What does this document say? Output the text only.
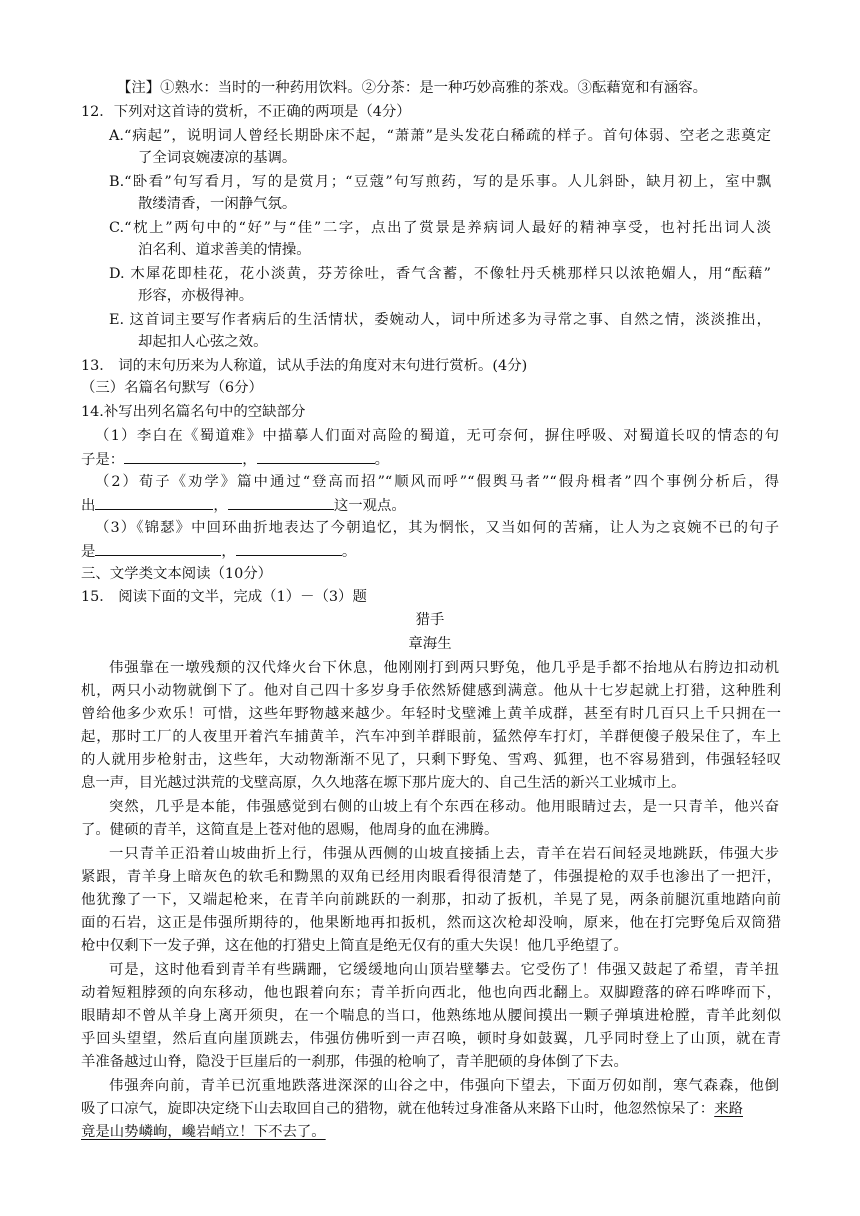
【注】①熟水：当时的一种药用饮料。②分茶：是一种巧妙高雅的茶戏。③酝藉宽和有涵容。
12．下列对这首诗的赏析，不正确的两项是（4分）
A.“病起”，说明词人曾经长期卧床不起，“萧萧”是头发花白稀疏的样子。首句体弱、空老之悲奠定
了全词哀婉凄凉的基调。
B.“卧看”句写看月，写的是赏月；“豆蔻”句写煎药，写的是乐事。人儿斜卧，缺月初上，室中飘
散缕清香，一闲静气氛。
C.“枕上”两句中的“好”与“佳”二字，点出了赏景是养病词人最好的精神享受，也衬托出词人淡
泊名利、道求善美的情操。
D. 木犀花即桂花，花小淡黄，芬芳徐吐，香气含蓄，不像牡丹夭桃那样只以浓艳媚人，用“酝藉”
形容，亦极得神。
E. 这首词主要写作者病后的生活情状，委婉动人，词中所述多为寻常之事、自然之情，淡淡推出，
却起扣人心弦之效。
13． 词的末句历来为人称道，试从手法的角度对末句进行赏析。(4分)
（三）名篇名句默写（6分）
14.补写出列名篇名句中的空缺部分
（1）李白在《蜀道难》中描摹人们面对高险的蜀道，无可奈何，摒住呼吸、对蜀道长叹的情态的句
子是：	，	。
（2）荀子《劝学》篇中通过“登高而招”“顺风而呼”“假舆马者”“假舟楫者”四个事例分析后，得
出	，	这一观点。
（3）《锦瑟》中回环曲折地表达了今朝追忆，其为惘怅，又当如何的苦痛，让人为之哀婉不已的句子
是	，	。
三、文学类文本阅读（10分）
15． 阅读下面的文半，完成（1）－（3）题
猎手
章海生
伟强靠在一墩残颓的汉代烽火台下休息，他刚刚打到两只野兔，他几乎是手都不抬地从右胯边扣动机
机，两只小动物就倒下了。他对自己四十多岁身手依然矫健感到满意。他从十七岁起就上打猎，这种胜利
曾给他多少欢乐！可惜，这些年野物越来越少。年轻时戈壁滩上黄羊成群，甚至有时几百只上千只拥在一
起，那时工厂的人夜里开着汽车捕黄羊，汽车冲到羊群眼前，猛然停车打灯，羊群便傻子般呆住了，车上
的人就用步枪射击，这些年，大动物渐渐不见了，只剩下野兔、雪鸡、狐狸，也不容易猎到，伟强轻轻叹
息一声，目光越过洪荒的戈壁高原，久久地落在塬下那片庞大的、自己生活的新兴工业城市上。
突然，几乎是本能，伟强感觉到右侧的山坡上有个东西在移动。他用眼睛过去，是一只青羊，他兴奋
了。健硕的青羊，这简直是上苍对他的恩赐，他周身的血在沸腾。
一只青羊正沿着山坡曲折上行，伟强从西侧的山坡直接插上去，青羊在岩石间轻灵地跳跃，伟强大步
紧跟，青羊身上暗灰色的软毛和黝黑的双角已经用肉眼看得很清楚了，伟强提枪的双手也渗出了一把汗，
他犹豫了一下，又端起枪来，在青羊向前跳跃的一刹那，扣动了扳机，羊晃了晃，两条前腿沉重地踏向前
面的石岩，这正是伟强所期待的，他果断地再扣扳机，然而这次枪却没响，原来，他在打完野兔后双筒猎
枪中仅剩下一发子弹，这在他的打猎史上简直是绝无仅有的重大失误！他几乎绝望了。
可是，这时他看到青羊有些蹒跚，它缓缓地向山顶岩壁攀去。它受伤了！伟强又鼓起了希望，青羊扭
动着短粗脖颈的向东移动，他也跟着向东；青羊折向西北，他也向西北翻上。双脚蹬落的碎石哗哗而下，
眼睛却不曾从羊身上离开须臾，在一个喘息的当口，他熟练地从腰间摸出一颗子弹填进枪膛，青羊此刻似
乎回头望望，然后直向崖顶跳去，伟强仿佛听到一声召唤，顿时身如鼓翼，几乎同时登上了山顶，就在青
羊准备越过山脊，隐没于巨崖后的一刹那，伟强的枪响了，青羊肥硕的身体倒了下去。
伟强奔向前，青羊已沉重地跌落进深深的山谷之中，伟强向下望去，下面万仞如削，寒气森森，他倒
吸了口凉气，旋即决定绕下山去取回自己的猎物，就在他转过身准备从来路下山时，他忽然惊呆了：来路
竟是山势嶙峋，巉岩峭立！下不去了。
